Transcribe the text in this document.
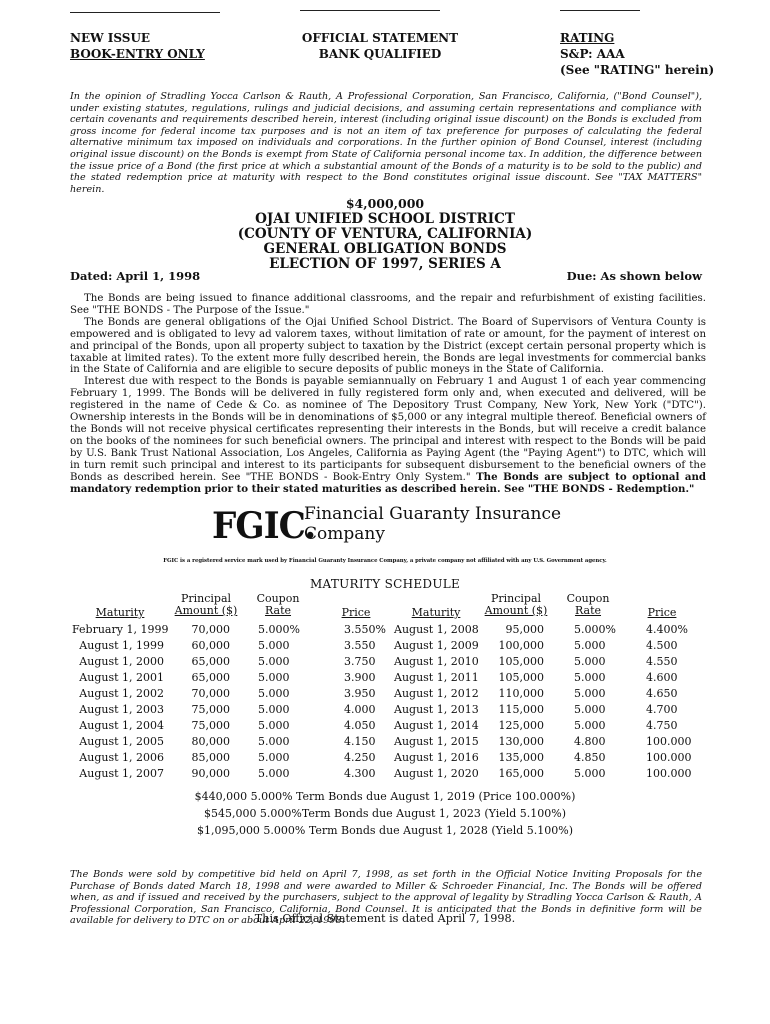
NEW ISSUE
BOOK-ENTRY ONLY
OFFICIAL STATEMENT
BANK QUALIFIED
RATING
S&P: AAA
(See "RATING" herein)
In the opinion of Stradling Yocca Carlson & Rauth, A Professional Corporation, San Francisco, California, ("Bond Counsel"), under existing statutes, regulations, rulings and judicial decisions, and assuming certain representations and compliance with certain covenants and requirements described herein, interest (including original issue discount) on the Bonds is excluded from gross income for federal income tax purposes and is not an item of tax preference for purposes of calculating the federal alternative minimum tax imposed on individuals and corporations. In the further opinion of Bond Counsel, interest (including original issue discount) on the Bonds is exempt from State of California personal income tax. In addition, the difference between the issue price of a Bond (the first price at which a substantial amount of the Bonds of a maturity is to be sold to the public) and the stated redemption price at maturity with respect to the Bond constitutes original issue discount. See "TAX MATTERS" herein.
$4,000,000
OJAI UNIFIED SCHOOL DISTRICT
(COUNTY OF VENTURA, CALIFORNIA)
GENERAL OBLIGATION BONDS
ELECTION OF 1997, SERIES A
Dated: April 1, 1998	Due: As shown below

The Bonds are being issued to finance additional classrooms, and the repair and refurbishment of existing facilities. See "THE BONDS - The Purpose of the Issue."

The Bonds are general obligations of the Ojai Unified School District. The Board of Supervisors of Ventura County is empowered and is obligated to levy ad valorem taxes, without limitation of rate or amount, for the payment of interest on and principal of the Bonds, upon all property subject to taxation by the District (except certain personal property which is taxable at limited rates). To the extent more fully described herein, the Bonds are legal investments for commercial banks in the State of California and are eligible to secure deposits of public moneys in the State of California.

Interest due with respect to the Bonds is payable semiannually on February 1 and August 1 of each year commencing February 1, 1999. The Bonds will be delivered in fully registered form only and, when executed and delivered, will be registered in the name of Cede & Co. as nominee of The Depository Trust Company, New York, New York ("DTC"). Ownership interests in the Bonds will be in denominations of $5,000 or any integral multiple thereof. Beneficial owners of the Bonds will not receive physical certificates representing their interests in the Bonds, but will receive a credit balance on the books of the nominees for such beneficial owners. The principal and interest with respect to the Bonds will be paid by U.S. Bank Trust National Association, Los Angeles, California as Paying Agent (the "Paying Agent") to DTC, which will in turn remit such principal and interest to its participants for subsequent disbursement to the beneficial owners of the Bonds as described herein. See "THE BONDS - Book-Entry Only System." The Bonds are subject to optional and mandatory redemption prior to their stated maturities as described herein. See "THE BONDS - Redemption."

FGIC.
Financial Guaranty Insurance
Company
FGIC is a registered service mark used by Financial Guaranty Insurance Company, a private company not affiliated with any U.S. Government agency.
MATURITY SCHEDULE
Maturity
Principal
Amount ($)
Coupon
Rate	Price	Maturity
Principal
Amount ($)
Coupon
Rate	Price
February 1, 1999	70,000	5.000%	3.550%
August 1, 1999	60,000	5.000	3.550
August 1, 2000	65,000	5.000	3.750
August 1, 2001	65,000	5.000	3.900
August 1, 2002	70,000	5.000	3.950
August 1, 2003	75,000	5.000	4.000
August 1, 2004	75,000	5.000	4.050
August 1, 2005	80,000	5.000	4.150
August 1, 2006	85,000	5.000	4.250
August 1, 2007	90,000	5.000	4.300
August 1, 2008	95,000	5.000%	4.400%
August 1, 2009 100,000	5.000	4.500
August 1, 2010 105,000	5.000	4.550
August 1, 2011 105,000	5.000	4.600
August 1, 2012 110,000	5.000	4.650
August 1, 2013 115,000	5.000	4.700
August 1, 2014 125,000	5.000	4.750
August 1, 2015 130,000	4.800	100.000
August 1, 2016 135,000	4.850	100.000
August 1, 2020 165,000	5.000	100.000
$440,000 5.000% Term Bonds due August 1, 2019 (Price 100.000%)
$545,000 5.000%Term Bonds due August 1, 2023 (Yield 5.100%)
$1,095,000 5.000% Term Bonds due August 1, 2028 (Yield 5.100%)
The Bonds were sold by competitive bid held on April 7, 1998, as set forth in the Official Notice Inviting Proposals for the Purchase of Bonds dated March 18, 1998 and were awarded to Miller & Schroeder Financial, Inc. The Bonds will be offered when, as and if issued and received by the purchasers, subject to the approval of legality by Stradling Yocca Carlson & Rauth, A Professional Corporation, San Francisco, California, Bond Counsel. It is anticipated that the Bonds in definitive form will be available for delivery to DTC on or about April 22, 1998.
This Official Statement is dated April 7, 1998.
